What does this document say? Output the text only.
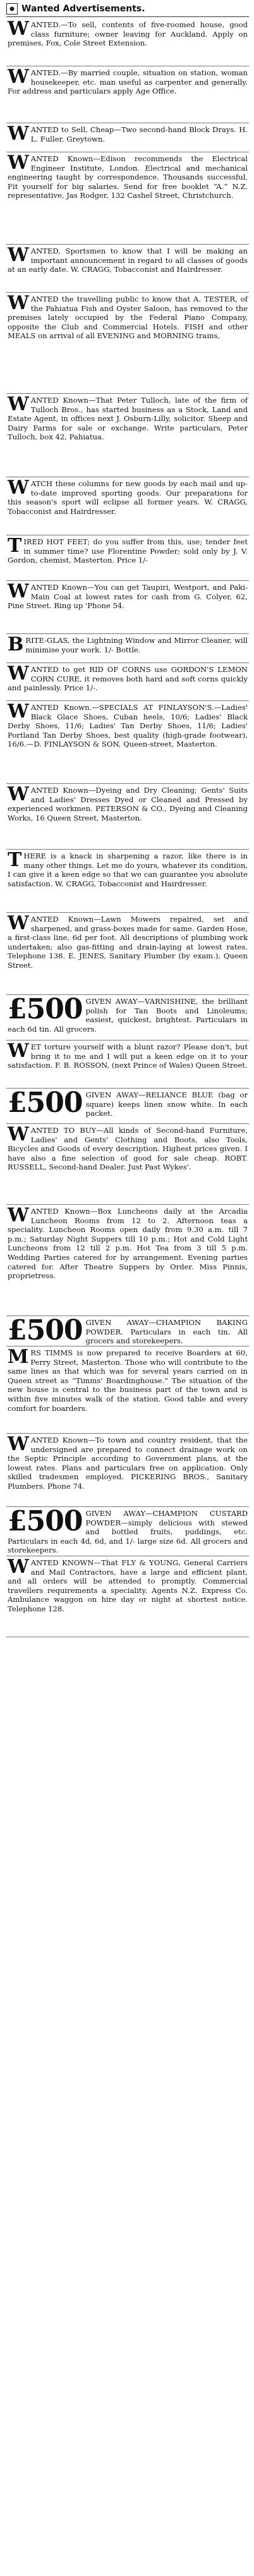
Wanted Advertisements.

WANTED.—To sell, contents of five-roomed house, good class furniture; owner leaving for Auckland. Apply on premises, Fox, Cole Street Extension.

WANTED.—By married couple, situation on station, woman housekeeper, etc. man useful as carpenter and generally. For address and particulars apply Age Office.

WANTED to Sell, Cheap—Two second-hand Block Drays. H. L. Fuller, Greytown.

WANTED Known—Edison recommends the Electrical Engineer Institute, London. Electrical and mechanical engineering taught by correspondence. Thousands successful. Fit yourself for big salaries. Send for free booklet “A.” N.Z. representative, Jas Rodger, 132 Cashel Street, Christchurch.

WANTED, Sportsmen to know that I will be making an important announcement in regard to all classes of goods at an early date. W. CRAGG, Tobacconist and Hairdresser.

WANTED the travelling public to know that A. TESTER, of the Pahiatua Fish and Oyster Saloon, has removed to the premises lately occupied by the Federal Piano Company, opposite the Club and Commercial Hotels. FISH and other MEALS on arrival of all EVENING and MORNING trains,

WANTED Known—That Peter Tulloch, late of the firm of Tulloch Bros., has started business as a Stock, Land and Estate Agent, in offices next J. Osburn-Lilly, solicitor. Sheep and Dairy Farms for sale or exchange. Write particulars, Peter Tulloch, box 42, Pahiatua.

WATCH these columns for new goods by each mail and up-to-date improved sporting goods. Our preparations for this season's sport will eclipse all former years. W. CRAGG, Tobacconist and Hairdresser.

TIRED HOT FEET; do you suffer from this, use; tender feet in summer time? use Florentine Powder; sold only by J. V. Gordon, chemist, Masterton. Price 1/-

WANTED Known—You can get Taupiri, Westport, and Paki-Main Coal at lowest rates for cash from G. Colyer, 62, Pine Street. Ring up 'Phone 54.

BRITE-GLAS, the Lightning Window and Mirror Cleaner, will minimise your work. 1/- Bottle.

WANTED to get RID OF CORNS use GORDON'S LEMON CORN CURE, it removes both hard and soft corns quickly and painlessly. Price 1/-.

WANTED Known.—SPECIALS AT FINLAYSON'S.—Ladies' Black Glace Shoes, Cuban heels, 10/6; Ladies' Black Derby Shoes, 11/6; Ladies' Tan Derby Shoes, 11/6; Ladies' Portland Tan Derby Shoes, best quality (high-grade footwear), 16/6.—D. FINLAYSON & SON, Queen-street, Masterton.

WANTED Known—Dyeing and Dry Cleaning; Gents' Suits and Ladies' Dresses Dyed or Cleaned and Pressed by experienced workmen. PETERSON & CO., Dyeing and Cleaning Works, 16 Queen Street, Masterton.

THERE is a knack in sharpening a razor, like there is in many other things. Let me do yours, whatever its condition, I can give it a keen edge so that we can guarantee you absolute satisfaction. W. CRAGG, Tobacconist and Hairdresser.

WANTED Known—Lawn Mowers repaired, set and sharpened, and grass-boxes made for same. Garden Hose, a first-class line, 6d per foot. All descriptions of plumbing work undertaken; also gas-fitting and drain-laying at lowest rates. Telephone 138. E. JENES, Sanitary Plumber (by exam.), Queen Street.

£500 GIVEN AWAY—VARNISHINE, the brilliant polish for Tan Boots and Linoleums; easiest, quickest, brightest. Particulars in each 6d tin. All grocers.

WET torture yourself with a blunt razor? Please don't, but bring it to me and I will put a keen edge on it to your satisfaction. F. B. ROSSON, (next Prince of Wales) Queen Street.

£500 GIVEN AWAY—RELIANCE BLUE (bag or square) keeps linen snow white. In each packet.

WANTED TO BUY—All kinds of Second-hand Furniture, Ladies' and Gents' Clothing and Boots, also Tools, Bicycles and Goods of every description. Highest prices given. I have also a fine selection of good for sale cheap. ROBT. RUSSELL, Second-hand Dealer. Just Past Wykes'.

WANTED Known—Box Luncheons daily at the Arcadia Luncheon Rooms from 12 to 2. Afternoon teas a speciality. Luncheon Rooms open daily from 9.30 a.m. till 7 p.m.; Saturday Night Suppers till 10 p.m.; Hot and Cold Light Luncheons from 12 till 2 p.m. Hot Tea from 3 till 5 p.m. Wedding Parties catered for by arrangement. Evening parties catered for. After Theatre Suppers by Order. Miss Pinnis, proprietress.

£500 GIVEN AWAY—CHAMPION BAKING POWDER. Particulars in each tin. All grocers and storekeepers.

MRS TIMMS is now prepared to receive Boarders at 60, Perry Street, Masterton. Those who will contribute to the same lines as that which was for several years carried on in Queen street as “Timms' Boardinghouse.” The situation of the new house is central to the business part of the town and is within five minutes walk of the station. Good table and every comfort for boarders.

WANTED Known—To town and country resident, that the undersigned are prepared to connect drainage work on the Septic Principle according to Government plans, at the lowest rates. Plans and particulars free on application. Only skilled tradesmen employed. PICKERING BROS., Sanitary Plumbers. Phone 74.

£500 GIVEN AWAY—CHAMPION CUSTARD POWDER—simply delicious with stewed and bottled fruits, puddings, etc. Particulars in each 4d, 6d, and 1/- large size 6d. All grocers and storekeepers.

WANTED KNOWN—That FLY & YOUNG, General Carriers and Mail Contractors, have a large and efficient plant, and all orders will be attended to promptly. Commercial travellers requirements a speciality. Agents N.Z. Express Co. Ambulance waggon on hire day or night at shortest notice. Telephone 128.
